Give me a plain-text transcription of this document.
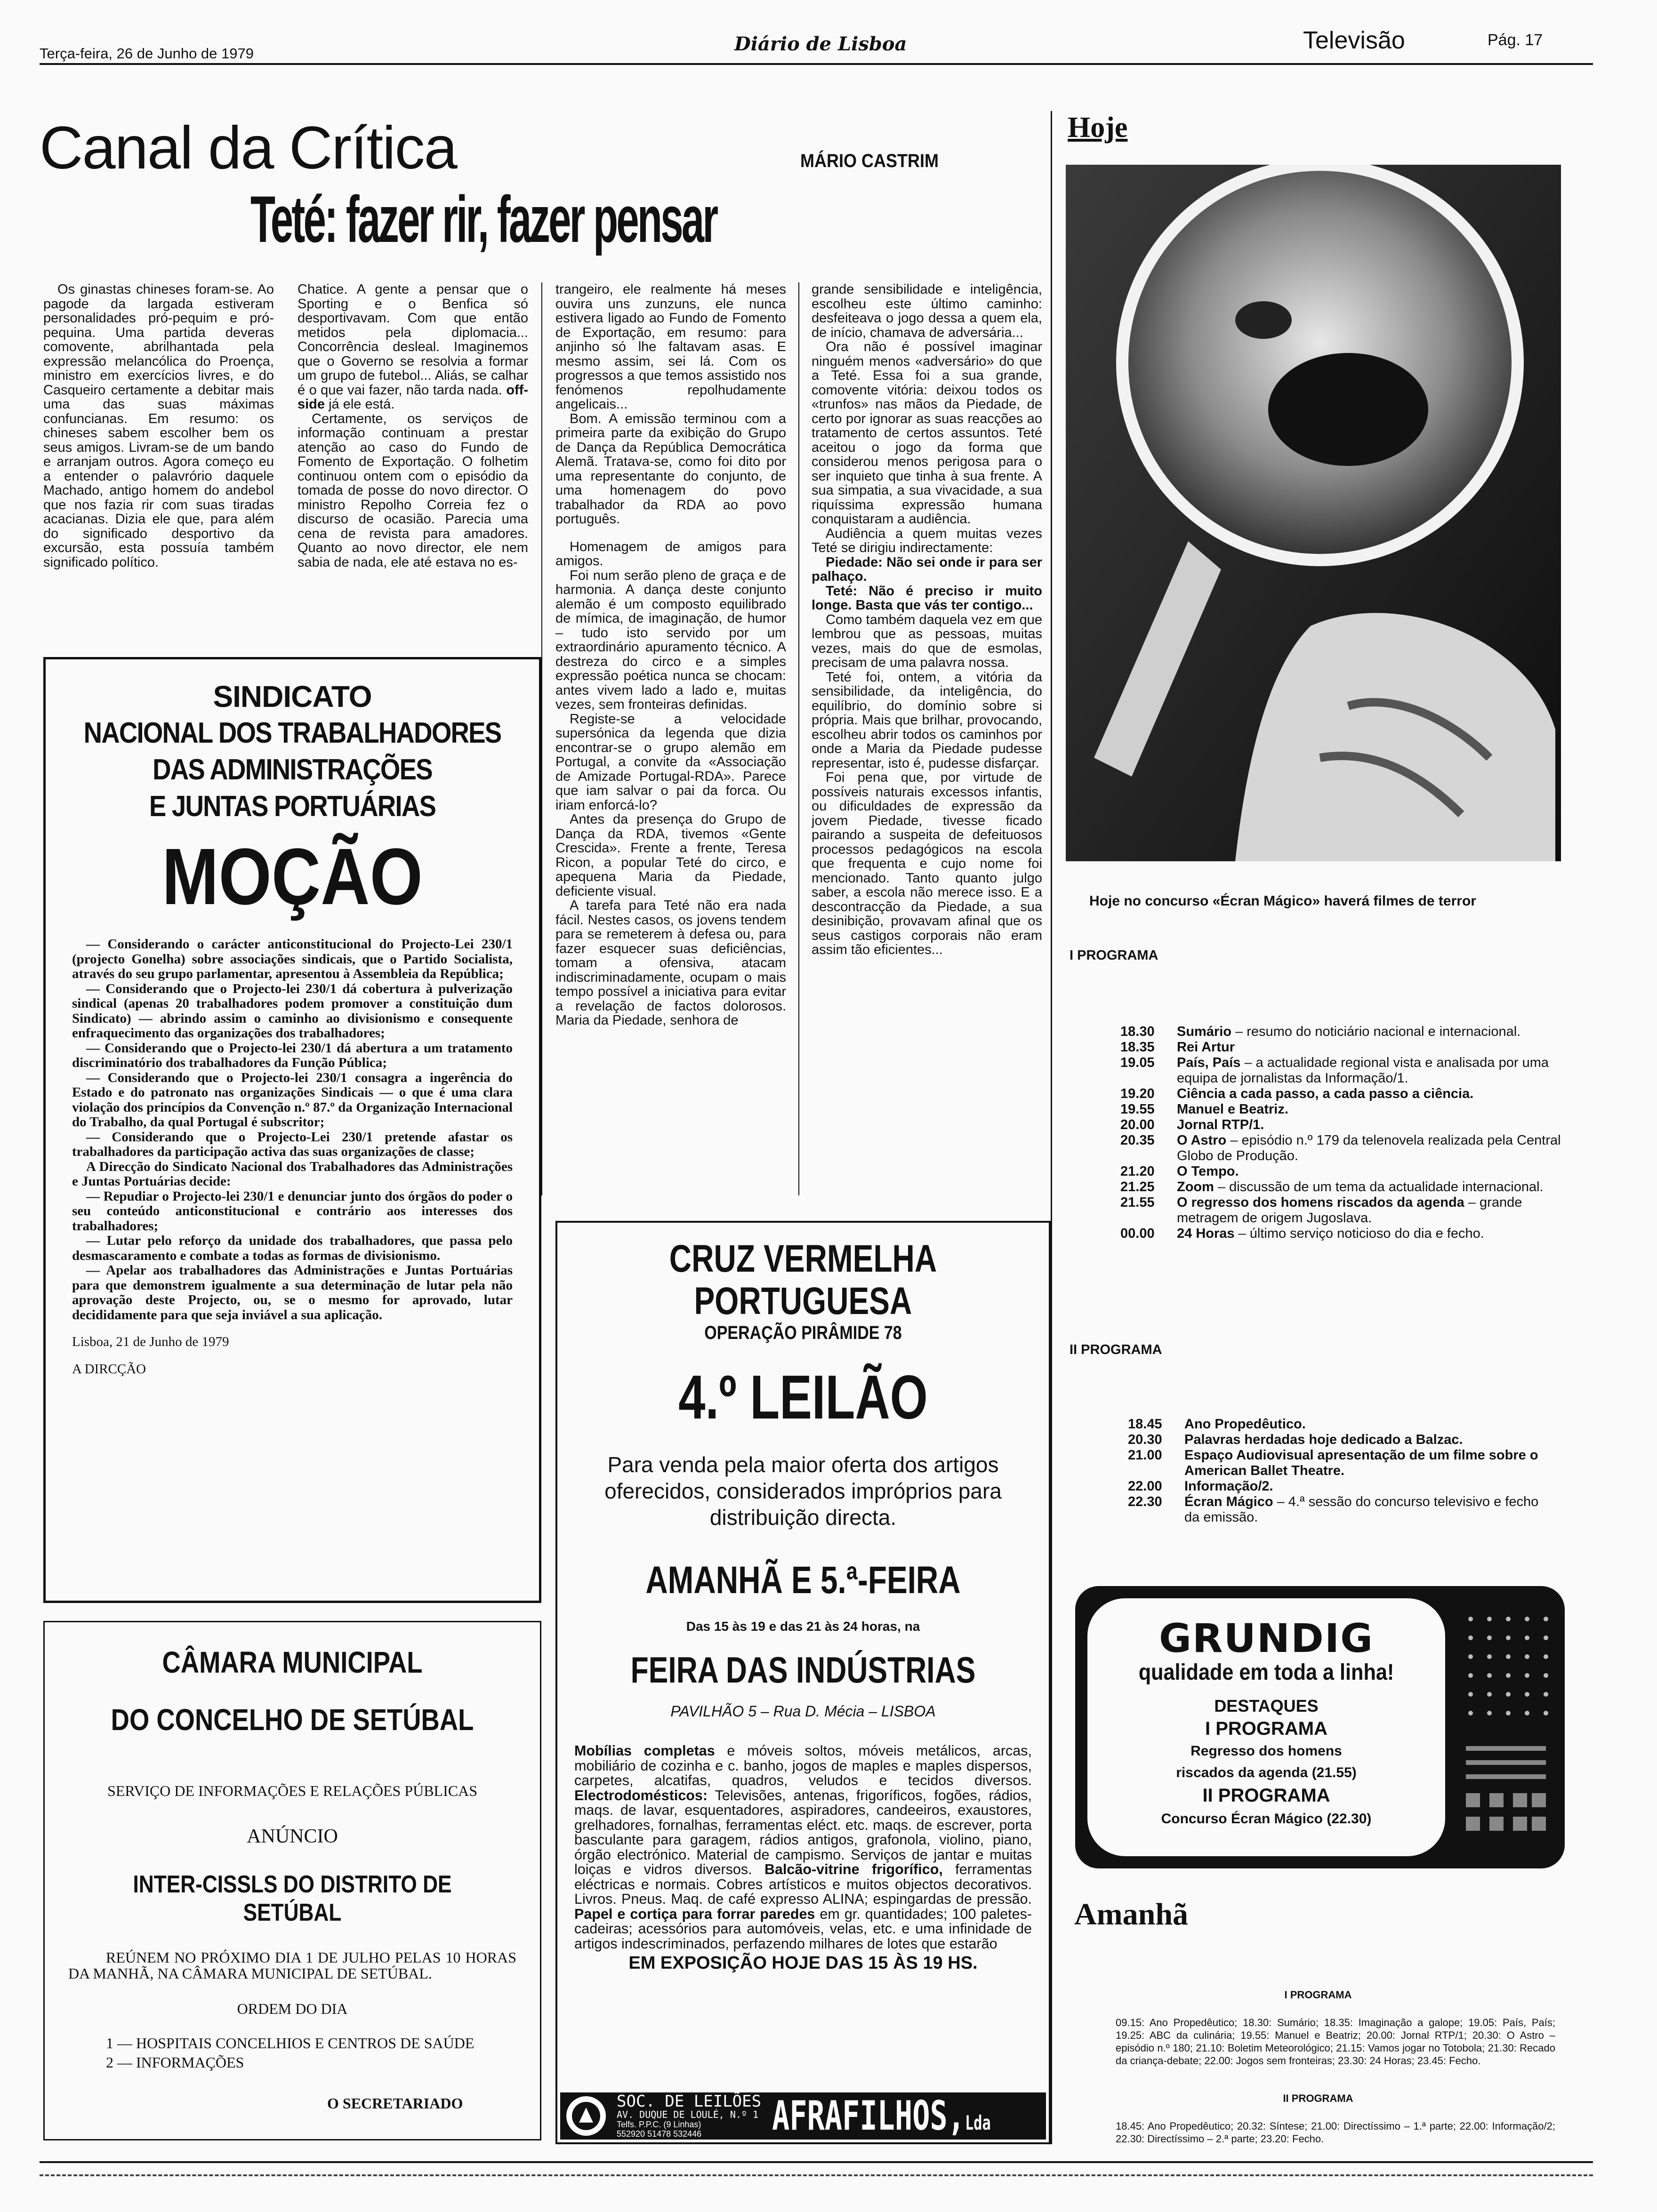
Terça-feira, 26 de Junho de 1979	Diário de Lisboa	Televisão	Pág. 17
Canal da Crítica	MÁRIO CASTRIM
Teté: fazer rir, fazer pensar

Os ginastas chineses foram-se. Ao pagode da largada estiveram personalidades pró-pequim e pró-pequina. Uma partida deveras comovente, abrilhantada pela expressão melancólica do Proença, ministro em exercícios livres, e do Casqueiro certamente a debitar mais uma das suas máximas confuncianas. Em resumo: os chineses sabem escolher bem os seus amigos. Livram-se de um bando e arranjam outros. Agora começo eu a entender o palavrório daquele Machado, antigo homem do andebol que nos fazia rir com suas tiradas acacianas. Dizia ele que, para além do significado desportivo da excursão, esta possuía também significado político.

Chatice. A gente a pensar que o Sporting e o Benfica só desportivavam. Com que então metidos pela diplomacia... Concorrência desleal. Imaginemos que o Governo se resolvia a formar um grupo de futebol... Aliás, se calhar é o que vai fazer, não tarda nada. off-side já ele está.

Certamente, os serviços de informação continuam a prestar atenção ao caso do Fundo de Fomento de Exportação. O folhetim continuou ontem com o episódio da tomada de posse do novo director. O ministro Repolho Correia fez o discurso de ocasião. Parecia uma cena de revista para amadores. Quanto ao novo director, ele nem sabia de nada, ele até estava no es-

trangeiro, ele realmente há meses ouvira uns zunzuns, ele nunca estivera ligado ao Fundo de Fomento de Exportação, em resumo: para anjinho só lhe faltavam asas. E mesmo assim, sei lá. Com os progressos a que temos assistido nos fenómenos repolhudamente angelicais...

Bom. A emissão terminou com a primeira parte da exibição do Grupo de Dança da República Democrática Alemã. Tratava-se, como foi dito por uma representante do conjunto, de uma homenagem do povo trabalhador da RDA ao povo português.

Homenagem de amigos para amigos.

Foi num serão pleno de graça e de harmonia. A dança deste conjunto alemão é um composto equilibrado de mímica, de imaginação, de humor – tudo isto servido por um extraordinário apuramento técnico. A destreza do circo e a simples expressão poética nunca se chocam: antes vivem lado a lado e, muitas vezes, sem fronteiras definidas.

Registe-se a velocidade supersónica da legenda que dizia encontrar-se o grupo alemão em Portugal, a convite da «Associação de Amizade Portugal-RDA». Parece que iam salvar o pai da forca. Ou iriam enforcá-lo?

Antes da presença do Grupo de Dança da RDA, tivemos «Gente Crescida». Frente a frente, Teresa Ricon, a popular Teté do circo, e apequena Maria da Piedade, deficiente visual.

A tarefa para Teté não era nada fácil. Nestes casos, os jovens tendem para se remeterem à defesa ou, para fazer esquecer suas deficiências, tomam a ofensiva, atacam indiscriminadamente, ocupam o mais tempo possível a iniciativa para evitar a revelação de factos dolorosos. Maria da Piedade, senhora de

grande sensibilidade e inteligência, escolheu este último caminho: desfeiteava o jogo dessa a quem ela, de início, chamava de adversária...

Ora não é possível imaginar ninguém menos «adversário» do que a Teté. Essa foi a sua grande, comovente vitória: deixou todos os «trunfos» nas mãos da Piedade, de certo por ignorar as suas reacções ao tratamento de certos assuntos. Teté aceitou o jogo da forma que considerou menos perigosa para o ser inquieto que tinha à sua frente. A sua simpatia, a sua vivacidade, a sua riquíssima expressão humana conquistaram a audiência.

Audiência a quem muitas vezes Teté se dirigiu indirectamente:

Piedade: Não sei onde ir para ser palhaço.

Teté: Não é preciso ir muito longe. Basta que vás ter contigo...

Como também daquela vez em que lembrou que as pessoas, muitas vezes, mais do que de esmolas, precisam de uma palavra nossa.

Teté foi, ontem, a vitória da sensibilidade, da inteligência, do equilíbrio, do domínio sobre si própria. Mais que brilhar, provocando, escolheu abrir todos os caminhos por onde a Maria da Piedade pudesse representar, isto é, pudesse disfarçar.

Foi pena que, por virtude de possíveis naturais excessos infantis, ou dificuldades de expressão da jovem Piedade, tivesse ficado pairando a suspeita de defeituosos processos pedagógicos na escola que frequenta e cujo nome foi mencionado. Tanto quanto julgo saber, a escola não merece isso. E a descontracção da Piedade, a sua desinibição, provavam afinal que os seus castigos corporais não eram assim tão eficientes...

SINDICATO
NACIONAL DOS TRABALHADORES
DAS ADMINISTRAÇÕES
E JUNTAS PORTUÁRIAS
MOÇÃO

— Considerando o carácter anticonstitucional do Projecto-Lei 230/1 (projecto Gonelha) sobre associações sindicais, que o Partido Socialista, através do seu grupo parlamentar, apresentou à Assembleia da República;

— Considerando que o Projecto-lei 230/1 dá cobertura à pulverização sindical (apenas 20 trabalhadores podem promover a constituição dum Sindicato) — abrindo assim o caminho ao divisionismo e consequente enfraquecimento das organizações dos trabalhadores;

— Considerando que o Projecto-lei 230/1 dá abertura a um tratamento discriminatório dos trabalhadores da Função Pública;

— Considerando que o Projecto-lei 230/1 consagra a ingerência do Estado e do patronato nas organizações Sindicais — o que é uma clara violação dos princípios da Convenção n.º 87.º da Organização Internacional do Trabalho, da qual Portugal é subscritor;

— Considerando que o Projecto-Lei 230/1 pretende afastar os trabalhadores da participação activa das suas organizações de classe;

A Direcção do Sindicato Nacional dos Trabalhadores das Administrações e Juntas Portuárias decide:

— Repudiar o Projecto-lei 230/1 e denunciar junto dos órgãos do poder o seu conteúdo anticonstitucional e contrário aos interesses dos trabalhadores;

— Lutar pelo reforço da unidade dos trabalhadores, que passa pelo desmascaramento e combate a todas as formas de divisionismo.

— Apelar aos trabalhadores das Administrações e Juntas Portuárias para que demonstrem igualmente a sua determinação de lutar pela não aprovação deste Projecto, ou, se o mesmo for aprovado, lutar decididamente para que seja inviável a sua aplicação.

Lisboa, 21 de Junho de 1979

A DIRCÇÃO

CÂMARA MUNICIPAL
DO CONCELHO DE SETÚBAL
SERVIÇO DE INFORMAÇÕES E RELAÇÕES PÚBLICAS
ANÚNCIO
INTER-CISSLS DO DISTRITO DE SETÚBAL
REÚNEM NO PRÓXIMO DIA 1 DE JULHO PELAS 10 HORAS DA MANHÃ, NA CÂMARA MUNICIPAL DE SETÚBAL.
ORDEM DO DIA
1 — HOSPITAIS CONCELHIOS E CENTROS DE SAÚDE
2 — INFORMAÇÕES
O SECRETARIADO
CRUZ VERMELHA
PORTUGUESA
OPERAÇÃO PIRÂMIDE 78
4.º LEILÃO
Para venda pela maior oferta dos artigos oferecidos, considerados impróprios para distribuição directa.
AMANHÃ E 5.ª-FEIRA
Das 15 às 19 e das 21 às 24 horas, na
FEIRA DAS INDÚSTRIAS
PAVILHÃO 5 – Rua D. Mécia – LISBOA
Mobílias completas e móveis soltos, móveis metálicos, arcas, mobiliário de cozinha e c. banho, jogos de maples e maples dispersos, carpetes, alcatifas, quadros, veludos e tecidos diversos. Electrodomésticos: Televisões, antenas, frigoríficos, fogões, rádios, maqs. de lavar, esquentadores, aspiradores, candeeiros, exaustores, grelhadores, fornalhas, ferramentas eléct. etc. maqs. de escrever, porta basculante para garagem, rádios antigos, grafonola, violino, piano, órgão electrónico. Material de campismo. Serviços de jantar e muitas loiças e vidros diversos. Balcão-vitrine frigorífico, ferramentas eléctricas e normais. Cobres artísticos e muitos objectos decorativos. Livros. Pneus. Maq. de café expresso ALINA; espingardas de pressão. Papel e cortiça para forrar paredes em gr. quantidades; 100 paletes-cadeiras; acessórios para automóveis, velas, etc. e uma infinidade de artigos indescriminados, perfazendo milhares de lotes que estarão
EM EXPOSIÇÃO HOJE DAS 15 ÀS 19 HS.
SOC. DE LEILÕES
AV. DUQUE DE LOULÉ, N.º 1
Telfs. P.P.C. (9 Linhas)
552920 51478 532446	AFRAFILHOS,Lda
Hoje
Hoje no concurso «Écran Mágico» haverá filmes de terror
I PROGRAMA
18.30	Sumário – resumo do noticiário nacional e internacional.
18.35	Rei Artur
19.05	País, País – a actualidade regional vista e analisada por uma equipa de jornalistas da Informação/1.
19.20	Ciência a cada passo, a cada passo a ciência.
19.55	Manuel e Beatriz.
20.00	Jornal RTP/1.
20.35	O Astro – episódio n.º 179 da telenovela realizada pela Central Globo de Produção.
21.20	O Tempo.
21.25	Zoom – discussão de um tema da actualidade internacional.
21.55	O regresso dos homens riscados da agenda – grande metragem de origem Jugoslava.
00.00	24 Horas – último serviço noticioso do dia e fecho.
II PROGRAMA
18.45	Ano Propedêutico.
20.30	Palavras herdadas hoje dedicado a Balzac.
21.00	Espaço Audiovisual apresentação de um filme sobre o American Ballet Theatre.
22.00	Informação/2.
22.30	Écran Mágico – 4.ª sessão do concurso televisivo e fecho da emissão.
GRUNDIG
qualidade em toda a linha!
DESTAQUES
I PROGRAMA
Regresso dos homens
riscados da agenda (21.55)
II PROGRAMA
Concurso Écran Mágico (22.30)
Amanhã
I PROGRAMA
09.15: Ano Propedêutico; 18.30: Sumário; 18.35: Imaginação a galope; 19.05: País, País; 19.25: ABC da culinária; 19.55: Manuel e Beatriz; 20.00: Jornal RTP/1; 20.30: O Astro – episódio n.º 180; 21.10: Boletim Meteorológico; 21.15: Vamos jogar no Totobola; 21.30: Recado da criança-debate; 22.00: Jogos sem fronteiras; 23.30: 24 Horas; 23.45: Fecho.
II PROGRAMA
18.45: Ano Propedêutico; 20.32: Síntese; 21.00: Directíssimo – 1.ª parte; 22.00: Informação/2; 22.30: Directíssimo – 2.ª parte; 23.20: Fecho.
